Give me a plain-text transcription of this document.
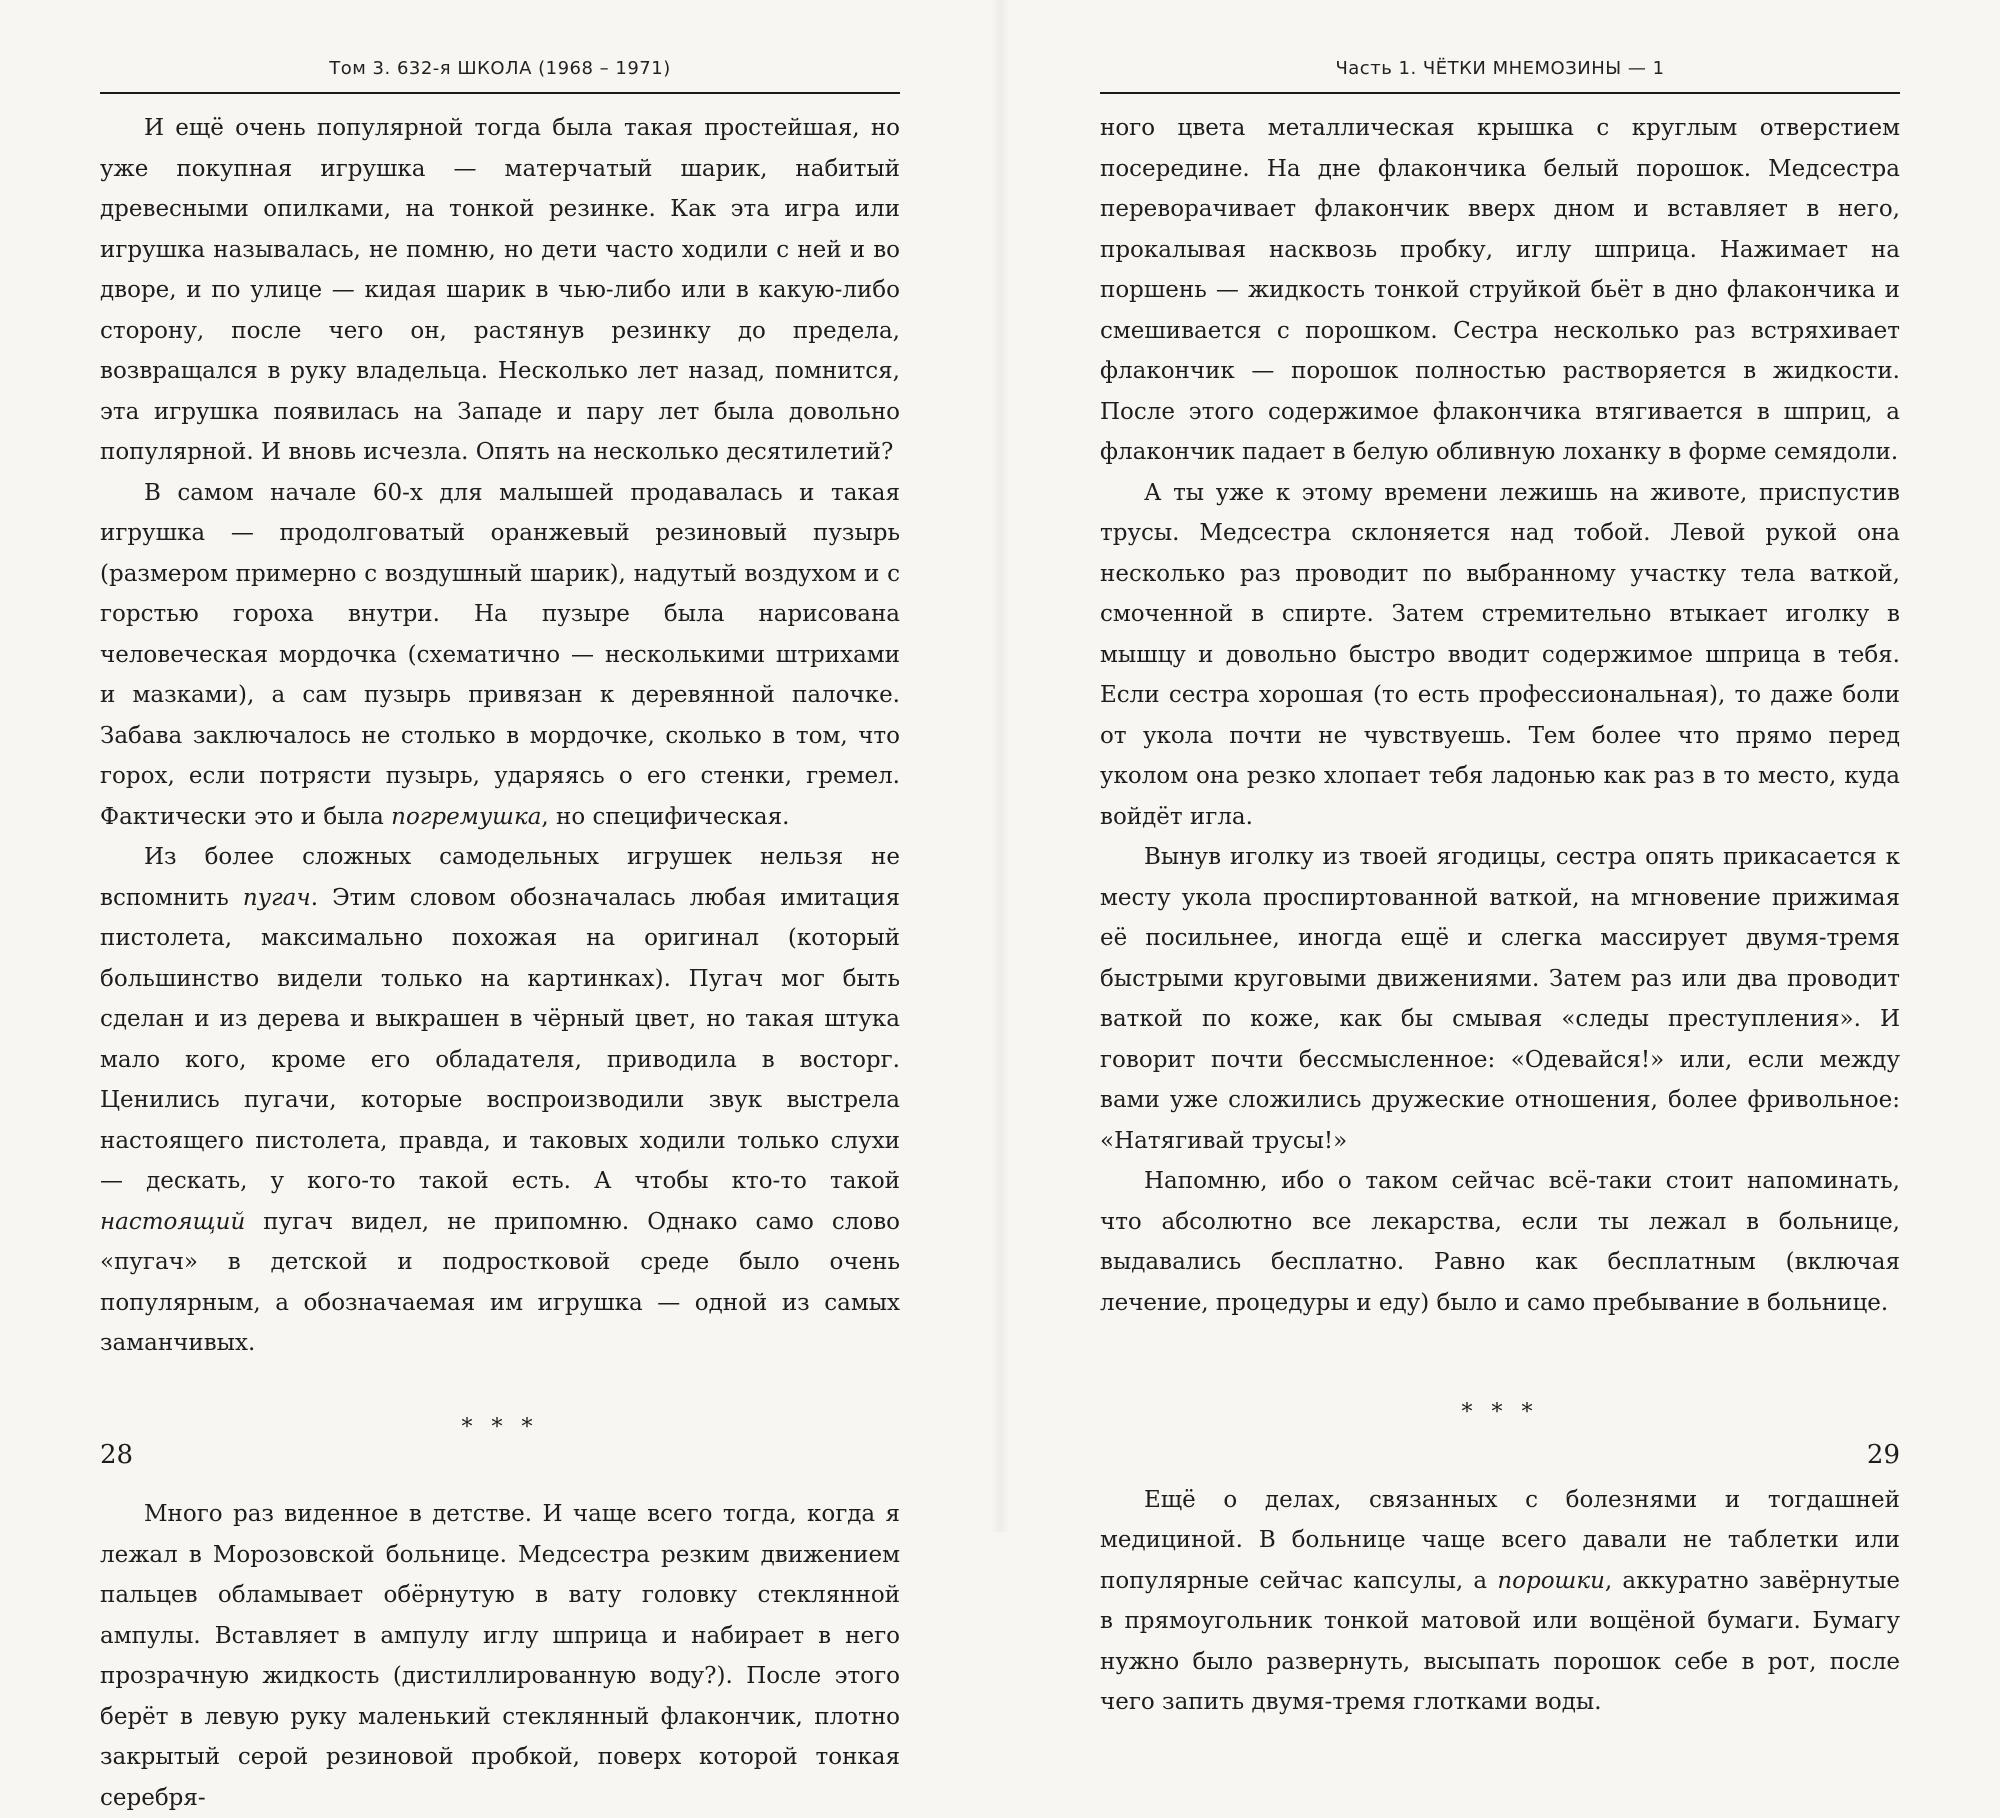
Том 3. 632-я ШКОЛА (1968 – 1971)

И ещё очень популярной тогда была такая простейшая, но уже покупная игрушка — матерчатый шарик, набитый древесными опилками, на тонкой резинке. Как эта игра или игрушка называлась, не помню, но дети часто ходили с ней и во дворе, и по улице — кидая шарик в чью-либо или в какую-либо сторону, после чего он, растянув резинку до предела, возвращался в руку владельца. Несколько лет назад, помнится, эта игрушка появилась на Западе и пару лет была довольно популярной. И вновь исчезла. Опять на несколько десятилетий?

В самом начале 60-х для малышей продавалась и такая игрушка — продолговатый оранжевый резиновый пузырь (размером примерно с воздушный шарик), надутый воздухом и с горстью гороха внутри. На пузыре была нарисована человеческая мордочка (схематично — несколькими штрихами и мазками), а сам пузырь привязан к деревянной палочке. Забава заключалось не столько в мордочке, сколько в том, что горох, если потрясти пузырь, ударяясь о его стенки, гремел. Фактически это и была погремушка, но специфическая.

Из более сложных самодельных игрушек нельзя не вспомнить пугач. Этим словом обозначалась любая имитация пистолета, максимально похожая на оригинал (который большинство видели только на картинках). Пугач мог быть сделан и из дерева и выкрашен в чёрный цвет, но такая штука мало кого, кроме его обладателя, приводила в восторг. Ценились пугачи, которые воспроизводили звук выстрела настоящего пистолета, правда, и таковых ходили только слухи — дескать, у кого-то такой есть. А чтобы кто-то такой настоящий пугач видел, не припомню. Однако само слово «пугач» в детской и подростковой среде было очень популярным, а обозначаемая им игрушка — одной из самых заманчивых.

* * *

Много раз виденное в детстве. И чаще всего тогда, когда я лежал в Морозовской больнице. Медсестра резким движением пальцев обламывает обёрнутую в вату головку стеклянной ампулы. Вставляет в ампулу иглу шприца и набирает в него прозрачную жидкость (дистиллированную воду?). После этого берёт в левую руку маленький стеклянный флакончик, плотно закрытый серой резиновой пробкой, поверх которой тонкая серебря-

28
Часть 1. ЧЁТКИ МНЕМОЗИНЫ — 1

ного цвета металлическая крышка с круглым отверстием посередине. На дне флакончика белый порошок. Медсестра переворачивает флакончик вверх дном и вставляет в него, прокалывая насквозь пробку, иглу шприца. Нажимает на поршень — жидкость тонкой струйкой бьёт в дно флакончика и смешивается с порошком. Сестра несколько раз встряхивает флакончик — порошок полностью растворяется в жидкости. После этого содержимое флакончика втягивается в шприц, а флакончик падает в белую обливную лоханку в форме семядоли.

А ты уже к этому времени лежишь на животе, приспустив трусы. Медсестра склоняется над тобой. Левой рукой она несколько раз проводит по выбранному участку тела ваткой, смоченной в спирте. Затем стремительно втыкает иголку в мышцу и довольно быстро вводит содержимое шприца в тебя. Если сестра хорошая (то есть профессиональная), то даже боли от укола почти не чувствуешь. Тем более что прямо перед уколом она резко хлопает тебя ладонью как раз в то место, куда войдёт игла.

Вынув иголку из твоей ягодицы, сестра опять прикасается к месту укола проспиртованной ваткой, на мгновение прижимая её посильнее, иногда ещё и слегка массирует двумя-тремя быстрыми круговыми движениями. Затем раз или два проводит ваткой по коже, как бы смывая «следы преступления». И говорит почти бессмысленное: «Одевайся!» или, если между вами уже сложились дружеские отношения, более фривольное: «Натягивай трусы!»

Напомню, ибо о таком сейчас всё-таки стоит напоминать, что абсолютно все лекарства, если ты лежал в больнице, выдавались бесплатно. Равно как бесплатным (включая лечение, процедуры и еду) было и само пребывание в больнице.

* * *

Ещё о делах, связанных с болезнями и тогдашней медициной. В больнице чаще всего давали не таблетки или популярные сейчас капсулы, а порошки, аккуратно завёрнутые в прямоугольник тонкой матовой или вощёной бумаги. Бумагу нужно было развернуть, высыпать порошок себе в рот, после чего запить двумя-тремя глотками воды.

29
